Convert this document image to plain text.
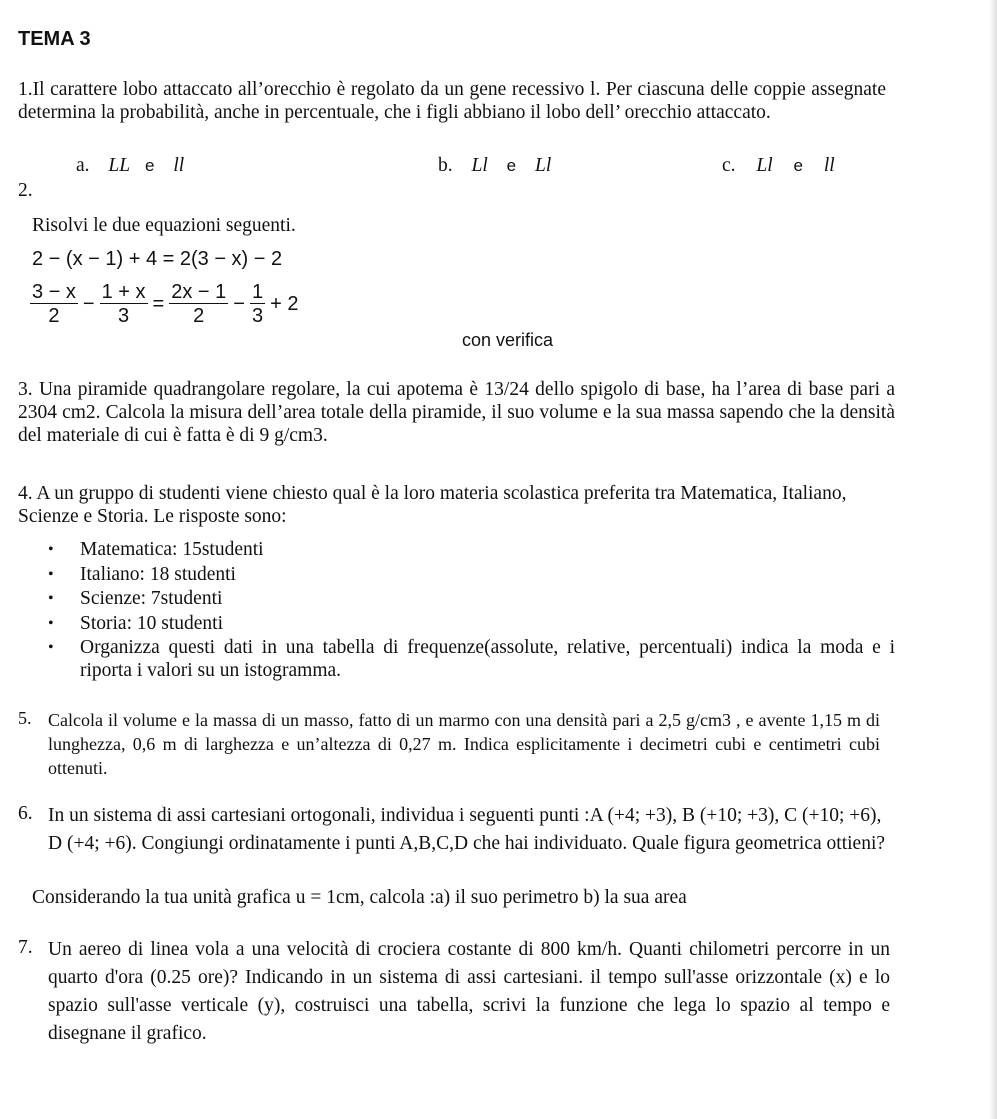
TEMA 3
1.Il carattere lobo attaccato all’orecchio è regolato da un gene recessivo l. Per ciascuna delle coppie assegnate determina la probabilità, anche in percentuale, che i figli abbiano il lobo dell’ orecchio attaccato.
a. LL e ll	b. Ll e Ll	c. Ll e ll
2.
Risolvi le due equazioni seguenti.
2 − (x − 1) + 4 = 2(3 − x) − 2
$\frac{3 - x}{2} - \frac{1 + x}{3} = \frac{2x - 1}{2} - \frac{1}{3} + 2$
con verifica
3. Una piramide quadrangolare regolare, la cui apotema è 13/24 dello spigolo di base, ha l’area di base pari a 2304 cm2. Calcola la misura dell’area totale della piramide, il suo volume e la sua massa sapendo che la densità del materiale di cui è fatta è di 9 g/cm3.
4. A un gruppo di studenti viene chiesto qual è la loro materia scolastica preferita tra Matematica, Italiano, Scienze e Storia. Le risposte sono:
• Matematica: 15studenti
• Italiano: 18 studenti
• Scienze: 7studenti
• Storia: 10 studenti
• Organizza questi dati in una tabella di frequenze(assolute, relative, percentuali) indica la moda e i riporta i valori su un istogramma.
5. Calcola il volume e la massa di un masso, fatto di un marmo con una densità pari a 2,5 g/cm3 , e avente 1,15 m di lunghezza, 0,6 m di larghezza e un’altezza di 0,27 m. Indica esplicitamente i decimetri cubi e centimetri cubi ottenuti.
6. In un sistema di assi cartesiani ortogonali, individua i seguenti punti :A (+4; +3), B (+10; +3), C (+10; +6), D (+4; +6). Congiungi ordinatamente i punti A,B,C,D che hai individuato. Quale figura geometrica ottieni?
Considerando la tua unità grafica u = 1cm, calcola :a) il suo perimetro b) la sua area
7. Un aereo di linea vola a una velocità di crociera costante di 800 km/h. Quanti chilometri percorre in un quarto d'ora (0.25 ore)? Indicando in un sistema di assi cartesiani. il tempo sull'asse orizzontale (x) e lo spazio sull'asse verticale (y), costruisci una tabella, scrivi la funzione che lega lo spazio al tempo e disegnane il grafico.
